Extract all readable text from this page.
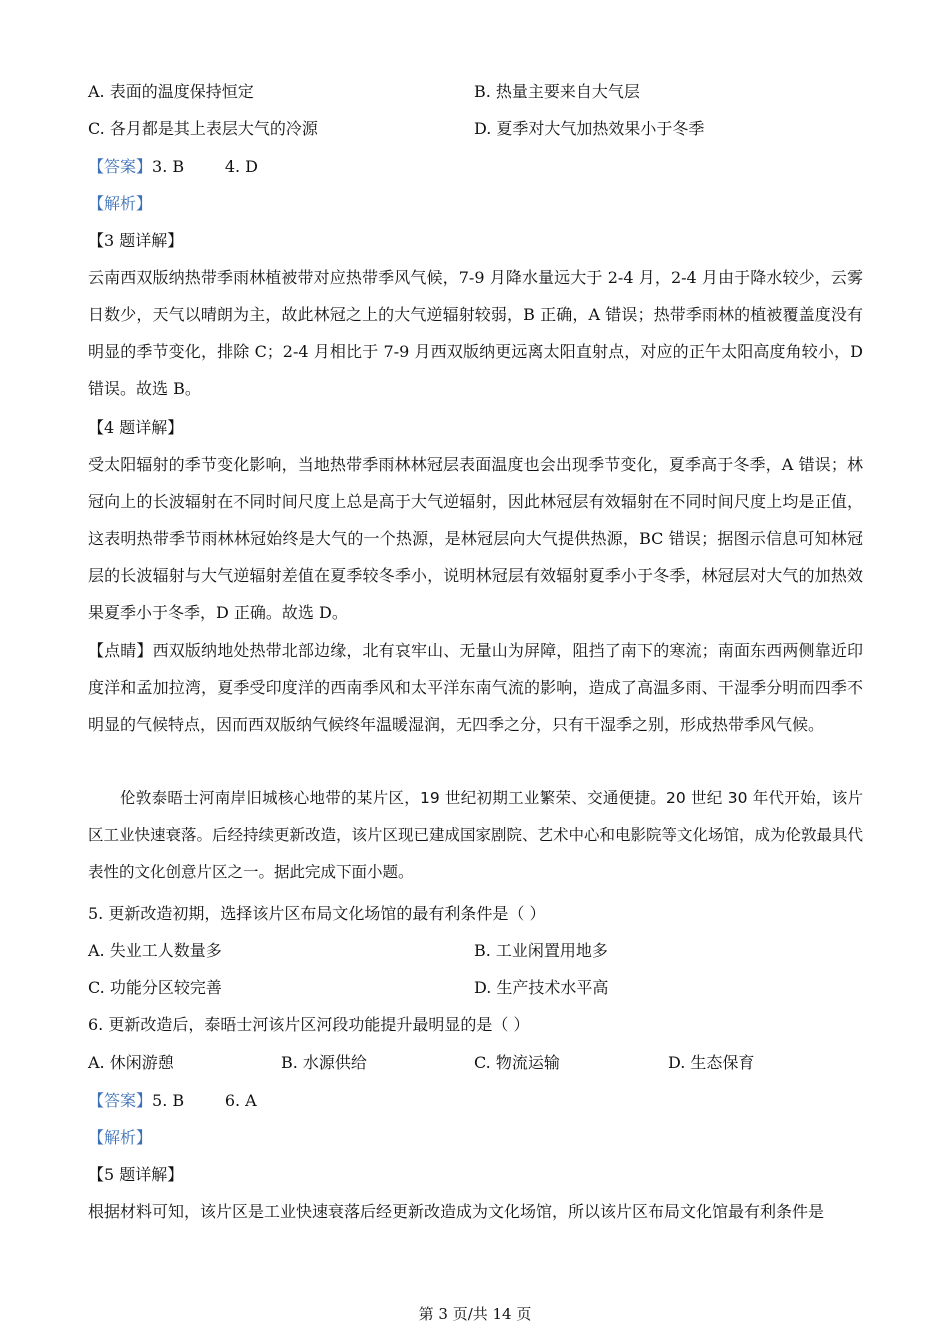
A. 表面的温度保持恒定	B. 热量主要来自大气层
C. 各月都是其上表层大气的冷源	D. 夏季对大气加热效果小于冬季
【答案】3. B        4. D
【解析】
【3 题详解】
云南西双版纳热带季雨林植被带对应热带季风气候，7-9 月降水量远大于 2-4 月，2-4 月由于降水较少，云雾日数少，天气以晴朗为主，故此林冠之上的大气逆辐射较弱，B 正确，A 错误；热带季雨林的植被覆盖度没有明显的季节变化，排除 C；2-4 月相比于 7-9 月西双版纳更远离太阳直射点，对应的正午太阳高度角较小，D 错误。故选 B。
【4 题详解】
受太阳辐射的季节变化影响，当地热带季雨林林冠层表面温度也会出现季节变化，夏季高于冬季，A 错误；林冠向上的长波辐射在不同时间尺度上总是高于大气逆辐射，因此林冠层有效辐射在不同时间尺度上均是正值，这表明热带季节雨林林冠始终是大气的一个热源，是林冠层向大气提供热源，BC 错误；据图示信息可知林冠层的长波辐射与大气逆辐射差值在夏季较冬季小，说明林冠层有效辐射夏季小于冬季，林冠层对大气的加热效果夏季小于冬季，D 正确。故选 D。
【点睛】西双版纳地处热带北部边缘，北有哀牢山、无量山为屏障，阻挡了南下的寒流；南面东西两侧靠近印度洋和孟加拉湾，夏季受印度洋的西南季风和太平洋东南气流的影响，造成了高温多雨、干湿季分明而四季不明显的气候特点，因而西双版纳气候终年温暖湿润，无四季之分，只有干湿季之别，形成热带季风气候。
伦敦泰晤士河南岸旧城核心地带的某片区，19 世纪初期工业繁荣、交通便捷。20 世纪 30 年代开始，该片区工业快速衰落。后经持续更新改造，该片区现已建成国家剧院、艺术中心和电影院等文化场馆，成为伦敦最具代表性的文化创意片区之一。据此完成下面小题。
5. 更新改造初期，选择该片区布局文化场馆的最有利条件是（ ）
A. 失业工人数量多	B. 工业闲置用地多
C. 功能分区较完善	D. 生产技术水平高
6. 更新改造后，泰晤士河该片区河段功能提升最明显的是（ ）
A. 休闲游憩	B. 水源供给	C. 物流运输	D. 生态保育
【答案】5. B        6. A
【解析】
【5 题详解】
根据材料可知，该片区是工业快速衰落后经更新改造成为文化场馆，所以该片区布局文化馆最有利条件是
第 3 页/共 14 页
